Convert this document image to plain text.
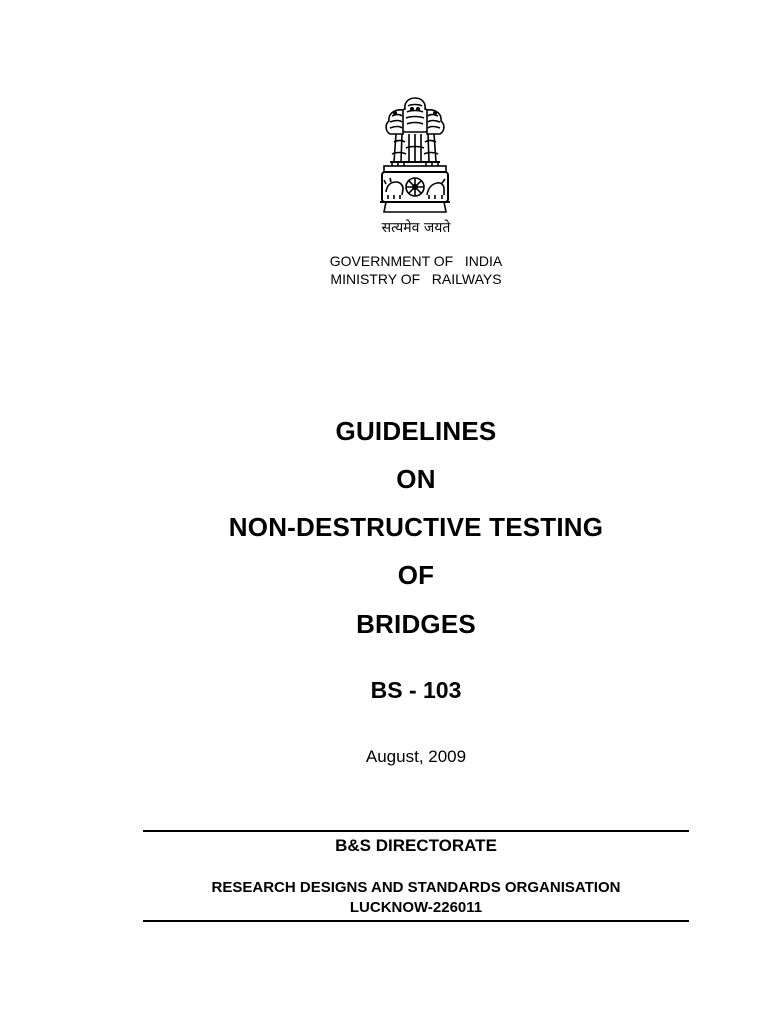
सत्यमेव जयते
GOVERNMENT OF   INDIA
MINISTRY OF   RAILWAYS
GUIDELINES
ON
NON-DESTRUCTIVE TESTING
OF
BRIDGES
BS - 103
August, 2009
B&S DIRECTORATE
RESEARCH DESIGNS AND STANDARDS ORGANISATION
LUCKNOW-226011
